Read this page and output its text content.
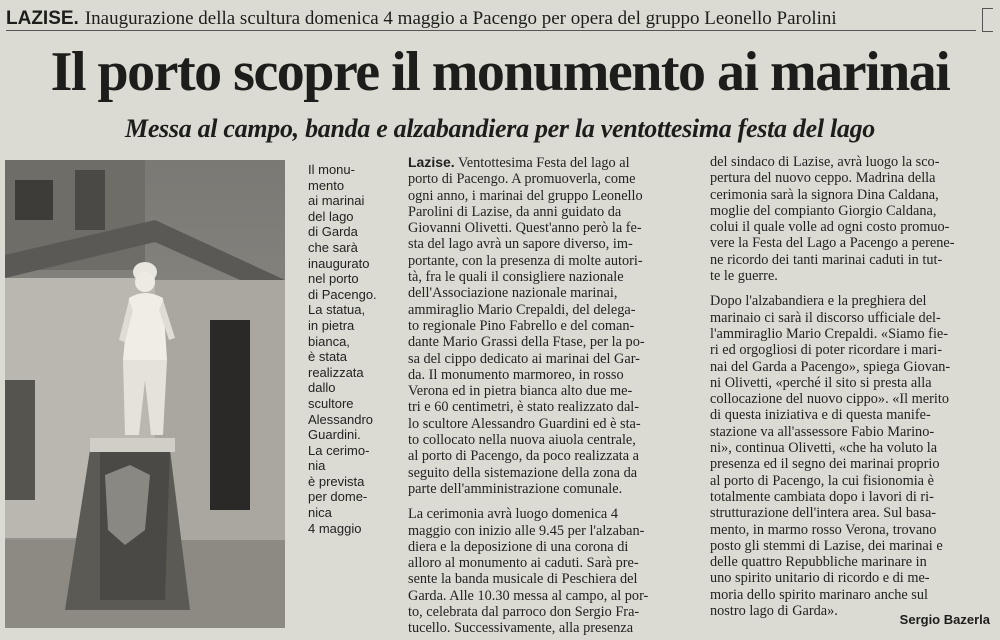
LAZISE. Inaugurazione della scultura domenica 4 maggio a Pacengo per opera del gruppo Leonello Parolini
Il porto scopre il monumento ai marinai
Messa al campo, banda e alzabandiera per la ventottesima festa del lago
Il monu-
mento
ai marinai
del lago
di Garda
che sarà
inaugurato
nel porto
di Pacengo.
La statua,
in pietra
bianca,
è stata
realizzata
dallo
scultore
Alessandro
Guardini.
La cerimo-
nia
è prevista
per dome-
nica
4 maggio
Lazise. Ventottesima Festa del lago al
porto di Pacengo. A promuoverla, come
ogni anno, i marinai del gruppo Leonello
Parolini di Lazise, da anni guidato da
Giovanni Olivetti. Quest'anno però la fe-
sta del lago avrà un sapore diverso, im-
portante, con la presenza di molte autori-
tà, fra le quali il consigliere nazionale
dell'Associazione nazionale marinai,
ammiraglio Mario Crepaldi, del delega-
to regionale Pino Fabrello e del coman-
dante Mario Grassi della Ftase, per la po-
sa del cippo dedicato ai marinai del Gar-
da. Il monumento marmoreo, in rosso
Verona ed in pietra bianca alto due me-
tri e 60 centimetri, è stato realizzato dal-
lo scultore Alessandro Guardini ed è sta-
to collocato nella nuova aiuola centrale,
al porto di Pacengo, da poco realizzata a
seguito della sistemazione della zona da
parte dell'amministrazione comunale.
La cerimonia avrà luogo domenica 4
maggio con inizio alle 9.45 per l'alzaban-
diera e la deposizione di una corona di
alloro al monumento ai caduti. Sarà pre-
sente la banda musicale di Peschiera del
Garda. Alle 10.30 messa al campo, al por-
to, celebrata dal parroco don Sergio Fra-
tucello. Successivamente, alla presenza
del sindaco di Lazise, avrà luogo la sco-
pertura del nuovo ceppo. Madrina della
cerimonia sarà la signora Dina Caldana,
moglie del compianto Giorgio Caldana,
colui il quale volle ad ogni costo promuo-
vere la Festa del Lago a Pacengo a perene-
ne ricordo dei tanti marinai caduti in tut-
te le guerre.
Dopo l'alzabandiera e la preghiera del
marinaio ci sarà il discorso ufficiale del-
l'ammiraglio Mario Crepaldi. «Siamo fie-
ri ed orgogliosi di poter ricordare i mari-
nai del Garda a Pacengo», spiega Giovan-
ni Olivetti, «perché il sito si presta alla
collocazione del nuovo cippo». «Il merito
di questa iniziativa e di questa manife-
stazione va all'assessore Fabio Marino-
ni», continua Olivetti, «che ha voluto la
presenza ed il segno dei marinai proprio
al porto di Pacengo, la cui fisionomia è
totalmente cambiata dopo i lavori di ri-
strutturazione dell'intera area. Sul basa-
mento, in marmo rosso Verona, trovano
posto gli stemmi di Lazise, dei marinai e
delle quattro Repubbliche marinare in
uno spirito unitario di ricordo e di me-
moria dello spirito marinaro anche sul
nostro lago di Garda».
Sergio Bazerla
